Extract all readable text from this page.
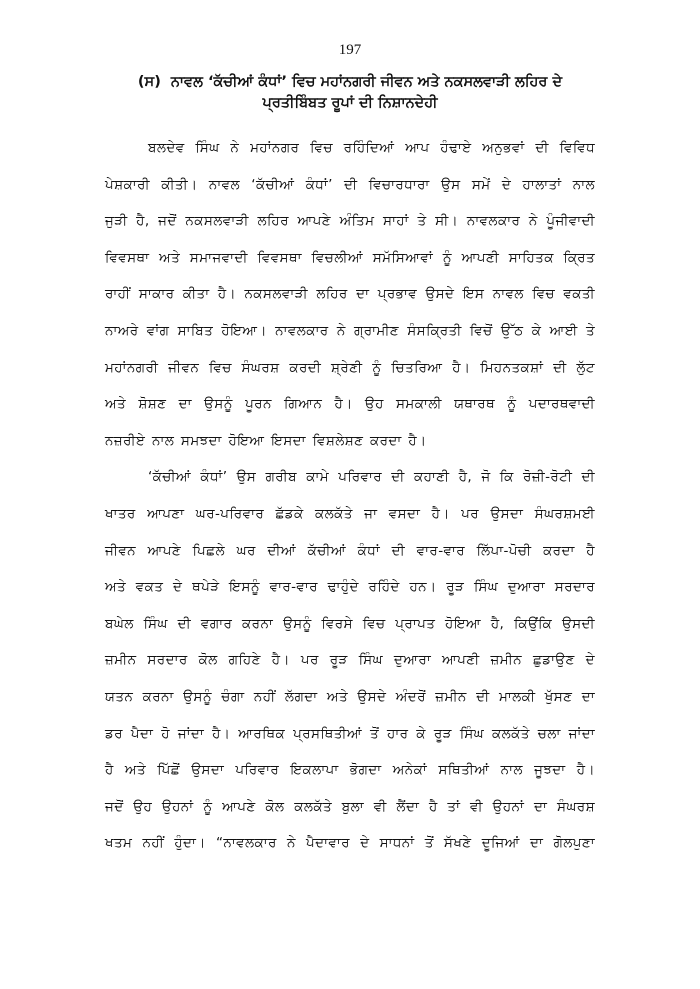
197
(ਸ) ਨਾਵਲ ‘ਕੱਚੀਆਂ ਕੰਧਾਂ’ ਵਿਚ ਮਹਾਂਨਗਰੀ ਜੀਵਨ ਅਤੇ ਨਕਸਲਵਾੜੀ ਲਹਿਰ ਦੇ
ਪ੍ਰਤੀਬਿੰਬਤ ਰੂਪਾਂ ਦੀ ਨਿਸ਼ਾਨਦੇਹੀ

ਬਲਦੇਵ ਸਿੰਘ ਨੇ ਮਹਾਂਨਗਰ ਵਿਚ ਰਹਿੰਦਿਆਂ ਆਪ ਹੰਢਾਏ ਅਨੁਭਵਾਂ ਦੀ ਵਿਵਿਧ
ਪੇਸ਼ਕਾਰੀ ਕੀਤੀ। ਨਾਵਲ ‘ਕੱਚੀਆਂ ਕੰਧਾਂ’ ਦੀ ਵਿਚਾਰਧਾਰਾ ਉਸ ਸਮੇਂ ਦੇ ਹਾਲਾਤਾਂ ਨਾਲ
ਜੁੜੀ ਹੈ, ਜਦੋਂ ਨਕਸਲਵਾੜੀ ਲਹਿਰ ਆਪਣੇ ਅੰਤਿਮ ਸਾਹਾਂ ਤੇ ਸੀ। ਨਾਵਲਕਾਰ ਨੇ ਪੂੰਜੀਵਾਦੀ
ਵਿਵਸਥਾ ਅਤੇ ਸਮਾਜਵਾਦੀ ਵਿਵਸਥਾ ਵਿਚਲੀਆਂ ਸਮੱਸਿਆਵਾਂ ਨੂੰ ਆਪਣੀ ਸਾਹਿਤਕ ਕ੍ਰਿਤ
ਰਾਹੀਂ ਸਾਕਾਰ ਕੀਤਾ ਹੈ। ਨਕਸਲਵਾੜੀ ਲਹਿਰ ਦਾ ਪ੍ਰਭਾਵ ਉਸਦੇ ਇਸ ਨਾਵਲ ਵਿਚ ਵਕਤੀ
ਨਾਅਰੇ ਵਾਂਗ ਸਾਬਿਤ ਹੋਇਆ। ਨਾਵਲਕਾਰ ਨੇ ਗ੍ਰਾਮੀਣ ਸੰਸਕ੍ਰਿਤੀ ਵਿਚੋਂ ਉੱਠ ਕੇ ਆਈ ਤੇ
ਮਹਾਂਨਗਰੀ ਜੀਵਨ ਵਿਚ ਸੰਘਰਸ਼ ਕਰਦੀ ਸ਼੍ਰੇਣੀ ਨੂੰ ਚਿਤਰਿਆ ਹੈ। ਮਿਹਨਤਕਸ਼ਾਂ ਦੀ ਲੁੱਟ
ਅਤੇ ਸ਼ੋਸ਼ਣ ਦਾ ਉਸਨੂੰ ਪੂਰਨ ਗਿਆਨ ਹੈ। ਉਹ ਸਮਕਾਲੀ ਯਥਾਰਥ ਨੂੰ ਪਦਾਰਥਵਾਦੀ
ਨਜ਼ਰੀਏ ਨਾਲ ਸਮਝਦਾ ਹੋਇਆ ਇਸਦਾ ਵਿਸ਼ਲੇਸ਼ਣ ਕਰਦਾ ਹੈ।

‘ਕੱਚੀਆਂ ਕੰਧਾਂ’ ਉਸ ਗਰੀਬ ਕਾਮੇ ਪਰਿਵਾਰ ਦੀ ਕਹਾਣੀ ਹੈ, ਜੋ ਕਿ ਰੋਜ਼ੀ-ਰੋਟੀ ਦੀ
ਖਾਤਰ ਆਪਣਾ ਘਰ-ਪਰਿਵਾਰ ਛੱਡਕੇ ਕਲਕੱਤੇ ਜਾ ਵਸਦਾ ਹੈ। ਪਰ ਉਸਦਾ ਸੰਘਰਸ਼ਮਈ
ਜੀਵਨ ਆਪਣੇ ਪਿਛਲੇ ਘਰ ਦੀਆਂ ਕੱਚੀਆਂ ਕੰਧਾਂ ਦੀ ਵਾਰ-ਵਾਰ ਲਿੱਪਾ-ਪੋਚੀ ਕਰਦਾ ਹੈ
ਅਤੇ ਵਕਤ ਦੇ ਥਪੇੜੇ ਇਸਨੂੰ ਵਾਰ-ਵਾਰ ਢਾਹੁੰਦੇ ਰਹਿੰਦੇ ਹਨ। ਰੂੜ ਸਿੰਘ ਦੁਆਰਾ ਸਰਦਾਰ
ਬਘੇਲ ਸਿੰਘ ਦੀ ਵਗਾਰ ਕਰਨਾ ਉਸਨੂੰ ਵਿਰਸੇ ਵਿਚ ਪ੍ਰਾਪਤ ਹੋਇਆ ਹੈ, ਕਿਉਂਕਿ ਉਸਦੀ
ਜ਼ਮੀਨ ਸਰਦਾਰ ਕੋਲ ਗਹਿਣੇ ਹੈ। ਪਰ ਰੂੜ ਸਿੰਘ ਦੁਆਰਾ ਆਪਣੀ ਜ਼ਮੀਨ ਛੁਡਾਉਣ ਦੇ
ਯਤਨ ਕਰਨਾ ਉਸਨੂੰ ਚੰਗਾ ਨਹੀਂ ਲੱਗਦਾ ਅਤੇ ਉਸਦੇ ਅੰਦਰੋਂ ਜ਼ਮੀਨ ਦੀ ਮਾਲਕੀ ਖੁੱਸਣ ਦਾ
ਡਰ ਪੈਦਾ ਹੋ ਜਾਂਦਾ ਹੈ। ਆਰਥਿਕ ਪ੍ਰਸਥਿਤੀਆਂ ਤੋਂ ਹਾਰ ਕੇ ਰੂੜ ਸਿੰਘ ਕਲਕੱਤੇ ਚਲਾ ਜਾਂਦਾ
ਹੈ ਅਤੇ ਪਿੱਛੋਂ ਉਸਦਾ ਪਰਿਵਾਰ ਇਕਲਾਪਾ ਭੋਗਦਾ ਅਨੇਕਾਂ ਸਥਿਤੀਆਂ ਨਾਲ ਜੂਝਦਾ ਹੈ।
ਜਦੋਂ ਉਹ ਉਹਨਾਂ ਨੂੰ ਆਪਣੇ ਕੋਲ ਕਲਕੱਤੇ ਬੁਲਾ ਵੀ ਲੈਂਦਾ ਹੈ ਤਾਂ ਵੀ ਉਹਨਾਂ ਦਾ ਸੰਘਰਸ਼
ਖਤਮ ਨਹੀਂ ਹੁੰਦਾ। “ਨਾਵਲਕਾਰ ਨੇ ਪੈਦਾਵਾਰ ਦੇ ਸਾਧਨਾਂ ਤੋਂ ਸੱਖਣੇ ਦੂਜਿਆਂ ਦਾ ਗੋਲਪੁਣਾ
